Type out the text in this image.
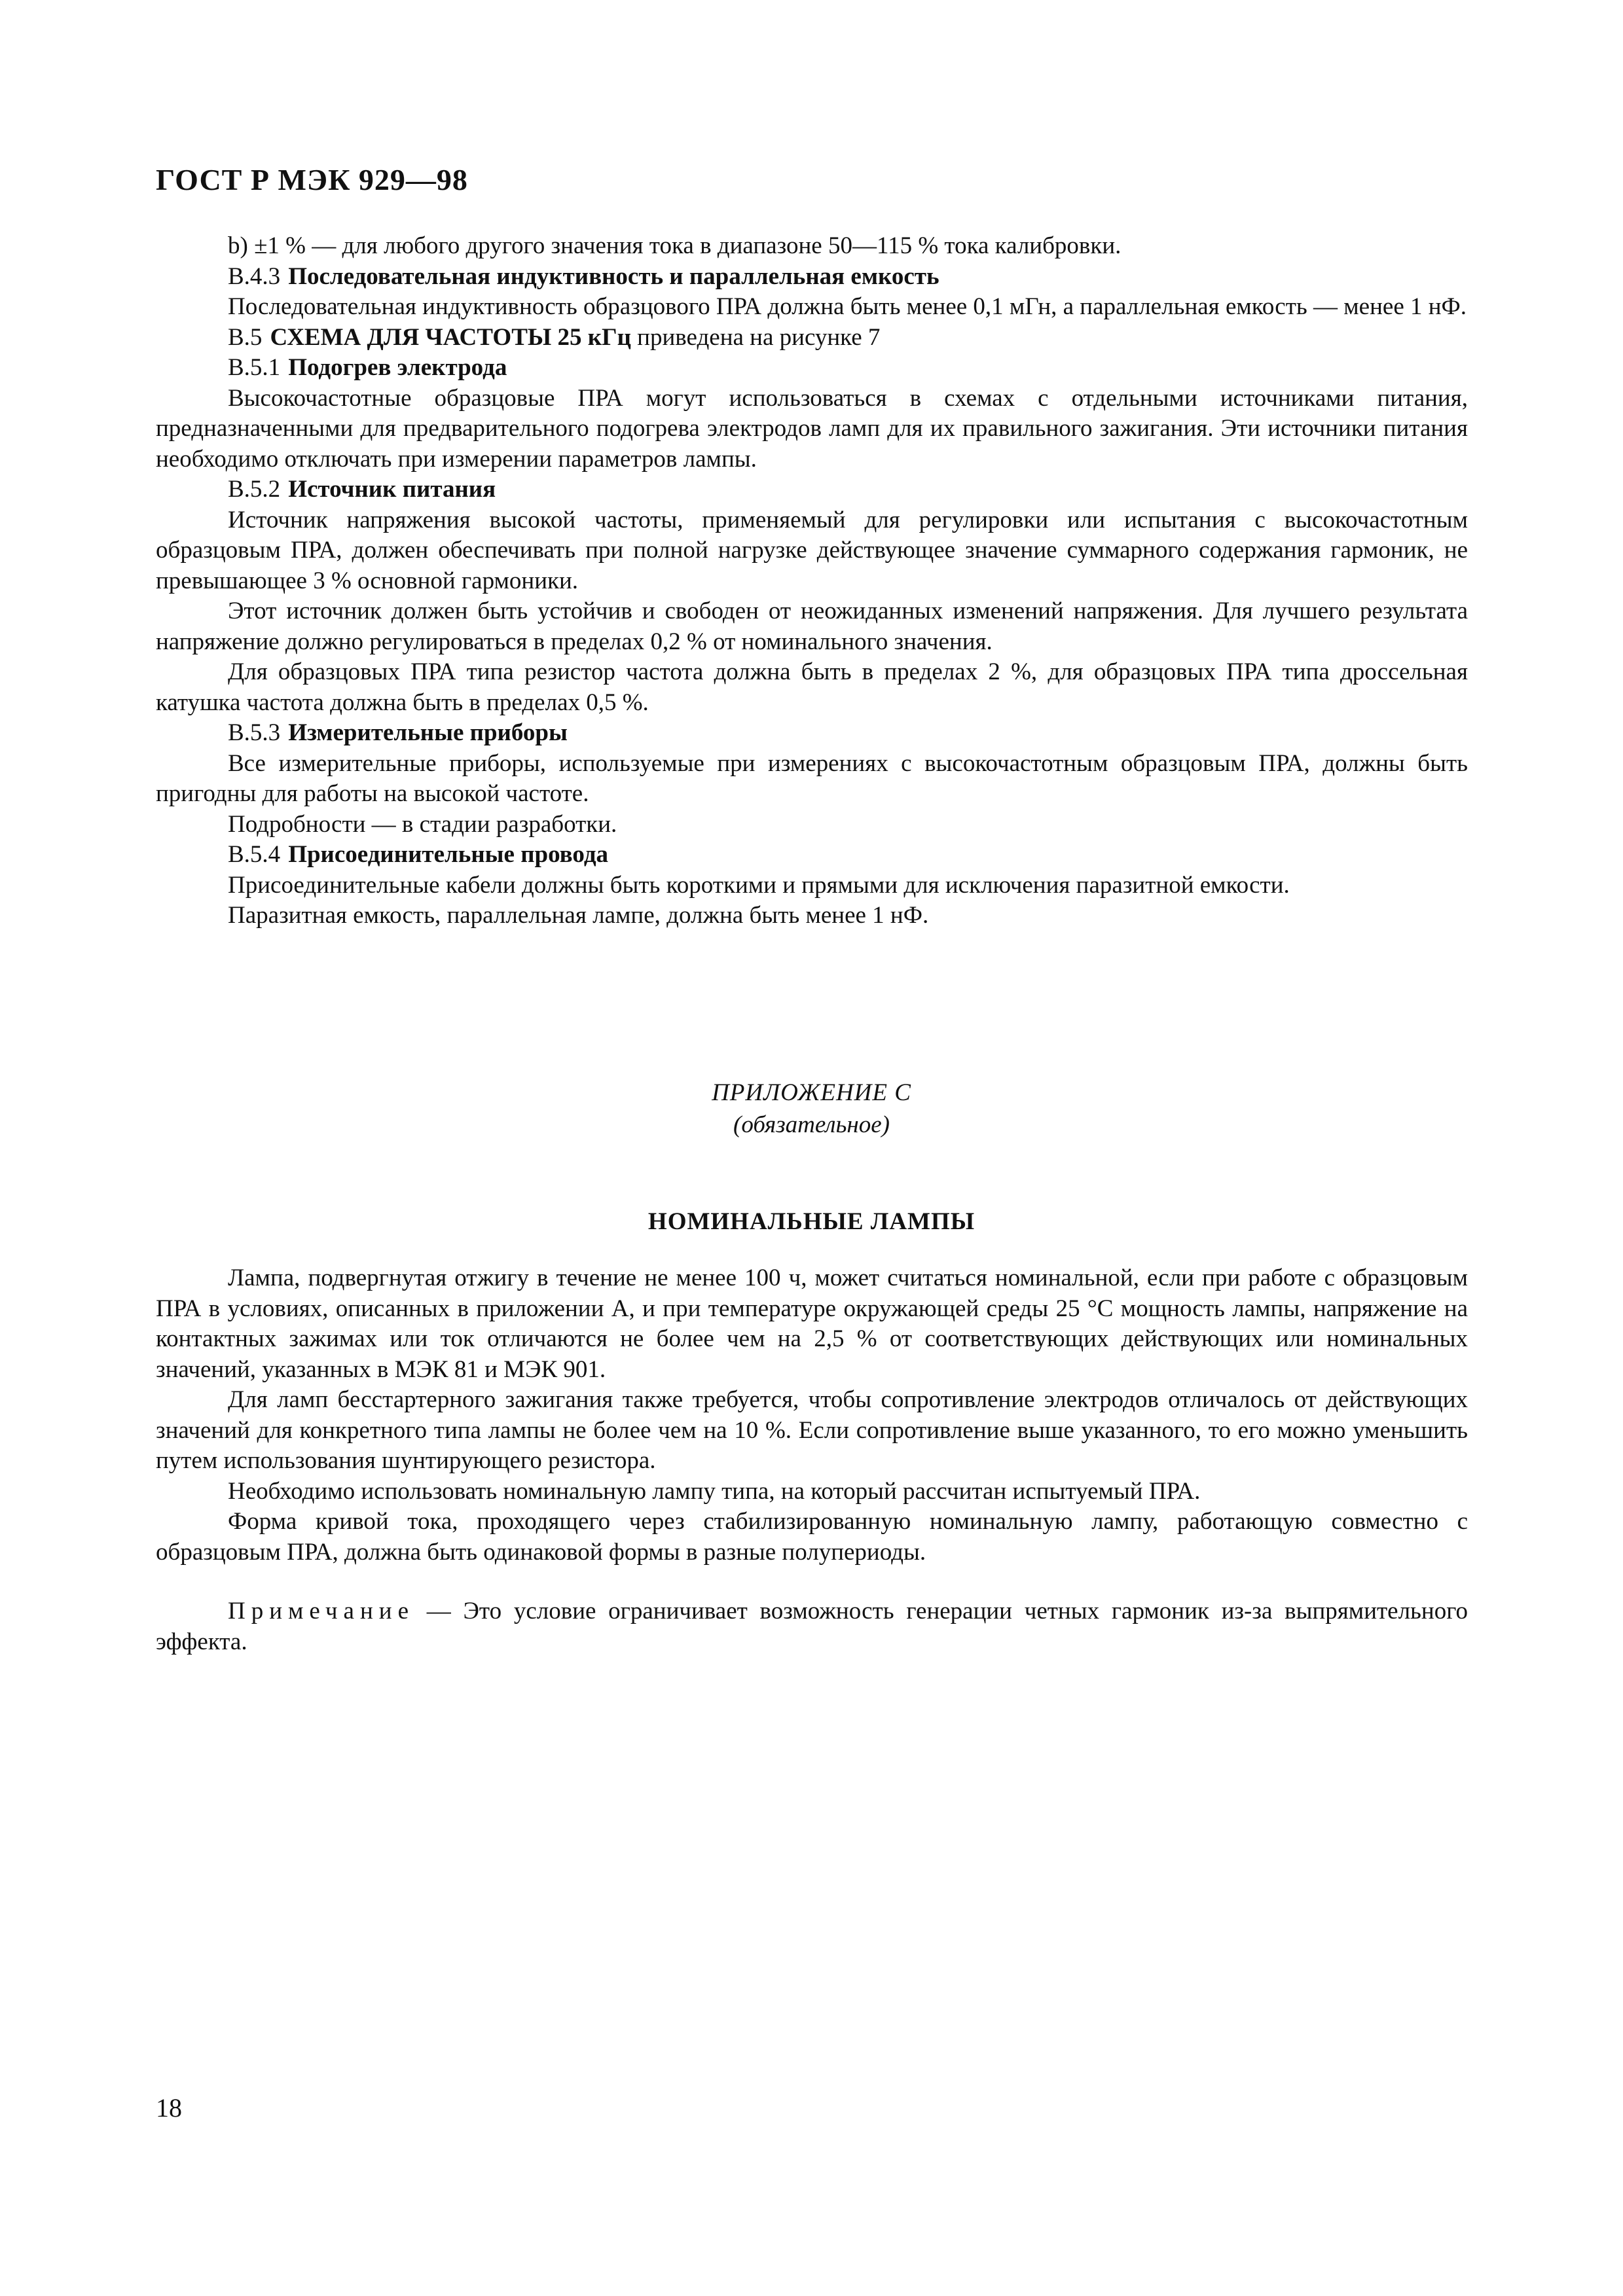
ГОСТ Р МЭК 929—98

b) ±1 % — для любого другого значения тока в диапазоне 50—115 % тока калибровки.

В.4.3 Последовательная индуктивность и параллельная емкость

Последовательная индуктивность образцового ПРА должна быть менее 0,1 мГн, а параллельная емкость — менее 1 нФ.

В.5 СХЕМА ДЛЯ ЧАСТОТЫ 25 кГц приведена на рисунке 7

В.5.1 Подогрев электрода

Высокочастотные образцовые ПРА могут использоваться в схемах с отдельными источниками питания, предназначенными для предварительного подогрева электродов ламп для их правильного зажигания. Эти источники питания необходимо отключать при измерении параметров лампы.

В.5.2 Источник питания

Источник напряжения высокой частоты, применяемый для регулировки или испытания с высокочастотным образцовым ПРА, должен обеспечивать при полной нагрузке действующее значение суммарного содержания гармоник, не превышающее 3 % основной гармоники.

Этот источник должен быть устойчив и свободен от неожиданных изменений напряжения. Для лучшего результата напряжение должно регулироваться в пределах 0,2 % от номинального значения.

Для образцовых ПРА типа резистор частота должна быть в пределах 2 %, для образцовых ПРА типа дроссельная катушка частота должна быть в пределах 0,5 %.

В.5.3 Измерительные приборы

Все измерительные приборы, используемые при измерениях с высокочастотным образцовым ПРА, должны быть пригодны для работы на высокой частоте.

Подробности — в стадии разработки.

В.5.4 Присоединительные провода

Присоединительные кабели должны быть короткими и прямыми для исключения паразитной емкости.

Паразитная емкость, параллельная лампе, должна быть менее 1 нФ.

ПРИЛОЖЕНИЕ С
(обязательное)
НОМИНАЛЬНЫЕ ЛАМПЫ

Лампа, подвергнутая отжигу в течение не менее 100 ч, может считаться номинальной, если при работе с образцовым ПРА в условиях, описанных в приложении А, и при температуре окружающей среды 25 °С мощность лампы, напряжение на контактных зажимах или ток отличаются не более чем на 2,5 % от соответствующих действующих или номинальных значений, указанных в МЭК 81 и МЭК 901.

Для ламп бесстартерного зажигания также требуется, чтобы сопротивление электродов отличалось от действующих значений для конкретного типа лампы не более чем на 10 %. Если сопротивление выше указанного, то его можно уменьшить путем использования шунтирующего резистора.

Необходимо использовать номинальную лампу типа, на который рассчитан испытуемый ПРА.

Форма кривой тока, проходящего через стабилизированную номинальную лампу, работающую совместно с образцовым ПРА, должна быть одинаковой формы в разные полупериоды.

Примечание — Это условие ограничивает возможность генерации четных гармоник из-за выпрямительного эффекта.

18
